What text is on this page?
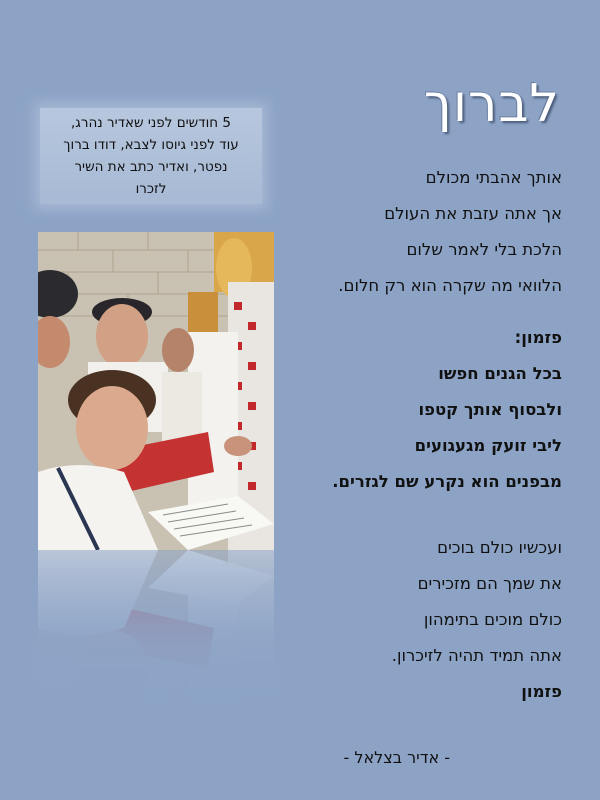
לברוך
5 חודשים לפני שאדיר נהרג,
עוד לפני גיוסו לצבא, דודו ברוך
נפטר, ואדיר כתב את השיר
לזכרו
אותך אהבתי מכולם
אך אתה עזבת את העולם
הלכת בלי לאמר שלום
הלוואי מה שקרה הוא רק חלום.
פזמון:
בכל הגנים חפשו
ולבסוף אותך קטפו
ליבי זועק מגעגועים
מבפנים הוא נקרע שם לגזרים.
ועכשיו כולם בוכים
את שמך הם מזכירים
כולם מוכים בתימהון
אתה תמיד תהיה לזיכרון.
פזמון
- אדיר בצלאל -
